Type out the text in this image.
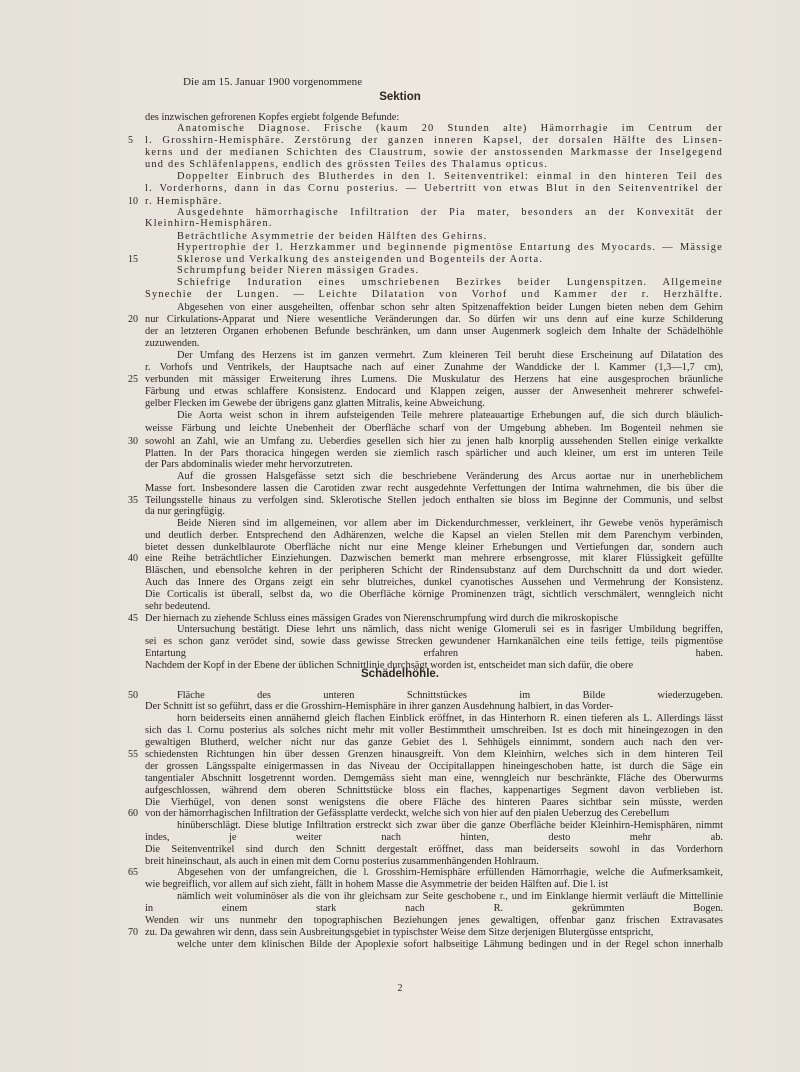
Die am 15. Januar 1900 vorgenommene
Sektion
Schädelhöhle.
des inzwischen gefrorenen Kopfes ergiebt folgende Befunde:
Anatomische Diagnose. Frische (kaum 20 Stunden alte) Hämorrhagie im Centrum der
l. Grosshirn-Hemisphäre. Zerstörung der ganzen inneren Kapsel, der dorsalen Hälfte des Linsen-
kerns und der medianen Schichten des Claustrum, sowie der anstossenden Markmasse der Inselgegend
und des Schläfenlappens, endlich des grössten Teiles des Thalamus opticus.
Doppelter Einbruch des Blutherdes in den l. Seitenventrikel: einmal in den hinteren Teil des
l. Vorderhorns, dann in das Cornu posterius. — Uebertritt von etwas Blut in den Seitenventrikel der
r. Hemisphäre.
Ausgedehnte hämorrhagische Infiltration der Pia mater, besonders an der Konvexität der
Kleinhirn-Hemisphären.
Beträchtliche Asymmetrie der beiden Hälften des Gehirns.
Hypertrophie der l. Herzkammer und beginnende pigmentöse Entartung des Myocards. — Mässige
Sklerose und Verkalkung des ansteigenden und Bogenteils der Aorta.
Schrumpfung beider Nieren mässigen Grades.
Schiefrige Induration eines umschriebenen Bezirkes beider Lungenspitzen. Allgemeine
Synechie der Lungen. — Leichte Dilatation von Vorhof und Kammer der r. Herzhälfte.
Abgesehen von einer ausgeheilten, offenbar schon sehr alten Spitzenaffektion beider Lungen bieten neben dem Gehirn
nur Cirkulations-Apparat und Niere wesentliche Veränderungen dar. So dürfen wir uns denn auf eine kurze Schilderung
der an letzteren Organen erhobenen Befunde beschränken, um dann unser Augenmerk sogleich dem Inhalte der Schädelhöhle
zuzuwenden.
Der Umfang des Herzens ist im ganzen vermehrt. Zum kleineren Teil beruht diese Erscheinung auf Dilatation des
r. Vorhofs und Ventrikels, der Hauptsache nach auf einer Zunahme der Wanddicke der l. Kammer (1,3—1,7 cm),
verbunden mit mässiger Erweiterung ihres Lumens. Die Muskulatur des Herzens hat eine ausgesprochen bräunliche
Färbung und etwas schlaffere Konsistenz. Endocard und Klappen zeigen, ausser der Anwesenheit mehrerer schwefel-
gelber Flecken im Gewebe der übrigens ganz glatten Mitralis, keine Abweichung.
Die Aorta weist schon in ihrem aufsteigenden Teile mehrere plateauartige Erhebungen auf, die sich durch bläulich-
weisse Färbung und leichte Unebenheit der Oberfläche scharf von der Umgebung abheben. Im Bogenteil nehmen sie
sowohl an Zahl, wie an Umfang zu. Ueberdies gesellen sich hier zu jenen halb knorplig aussehenden Stellen einige verkalkte
Platten. In der Pars thoracica hingegen werden sie ziemlich rasch spärlicher und auch kleiner, um erst im unteren Teile
der Pars abdominalis wieder mehr hervorzutreten.
Auf die grossen Halsgefässe setzt sich die beschriebene Veränderung des Arcus aortae nur in unerheblichem
Masse fort. Insbesondere lassen die Carotiden zwar recht ausgedehnte Verfettungen der Intima wahrnehmen, die bis über die
Teilungsstelle hinaus zu verfolgen sind. Sklerotische Stellen jedoch enthalten sie bloss im Beginne der Communis, und selbst
da nur geringfügig.
Beide Nieren sind im allgemeinen, vor allem aber im Dickendurchmesser, verkleinert, ihr Gewebe venös hyperämisch
und deutlich derber. Entsprechend den Adhärenzen, welche die Kapsel an vielen Stellen mit dem Parenchym verbinden,
bietet dessen dunkelblaurote Oberfläche nicht nur eine Menge kleiner Erhebungen und Vertiefungen dar, sondern auch
eine Reihe beträchtlicher Einziehungen. Dazwischen bemerkt man mehrere erbsengrosse, mit klarer Flüssigkeit gefüllte
Bläschen, und ebensolche kehren in der peripheren Schicht der Rindensubstanz auf dem Durchschnitt da und dort wieder.
Auch das Innere des Organs zeigt ein sehr blutreiches, dunkel cyanotisches Aussehen und Vermehrung der Konsistenz.
Die Corticalis ist überall, selbst da, wo die Oberfläche körnige Prominenzen trägt, sichtlich verschmälert, wenngleich nicht
sehr bedeutend.
Der hiernach zu ziehende Schluss eines mässigen Grades von Nierenschrumpfung wird durch die mikroskopische
Untersuchung bestätigt. Diese lehrt uns nämlich, dass nicht wenige Glomeruli sei es in fasriger Umbildung begriffen,
sei es schon ganz verödet sind, sowie dass gewisse Strecken gewundener Harnkanälchen eine teils fettige, teils pigmentöse
Entartung erfahren haben.
Nachdem der Kopf in der Ebene der üblichen Schnittlinie durchsägt worden ist, entscheidet man sich dafür, die obere
Fläche des unteren Schnittstückes im Bilde wiederzugeben.
Der Schnitt ist so geführt, dass er die Grosshirn-Hemisphäre in ihrer ganzen Ausdehnung halbiert, in das Vorder-
horn beiderseits einen annähernd gleich flachen Einblick eröffnet, in das Hinterhorn R. einen tieferen als L. Allerdings lässt
sich das l. Cornu posterius als solches nicht mehr mit voller Bestimmtheit umschreiben. Ist es doch mit hineingezogen in den
gewaltigen Blutherd, welcher nicht nur das ganze Gebiet des l. Sehhügels einnimmt, sondern auch nach den ver-
schiedensten Richtungen hin über dessen Grenzen hinausgreift. Von dem Kleinhirn, welches sich in dem hinteren Teil
der grossen Längsspalte einigermassen in das Niveau der Occipitallappen hineingeschoben hatte, ist durch die Säge ein
tangentialer Abschnitt losgetrennt worden. Demgemäss sieht man eine, wenngleich nur beschränkte, Fläche des Oberwurms
aufgeschlossen, während dem oberen Schnittstücke bloss ein flaches, kappenartiges Segment davon verblieben ist.
Die Vierhügel, von denen sonst wenigstens die obere Fläche des hinteren Paares sichtbar sein müsste, werden
von der hämorrhagischen Infiltration der Gefässplatte verdeckt, welche sich von hier auf den pialen Ueberzug des Cerebellum
hinüberschlägt. Diese blutige Infiltration erstreckt sich zwar über die ganze Oberfläche beider Kleinhirn-Hemisphären, nimmt
indes, je weiter nach hinten, desto mehr ab.
Die Seitenventrikel sind durch den Schnitt dergestalt eröffnet, dass man beiderseits sowohl in das Vorderhorn
breit hineinschaut, als auch in einen mit dem Cornu posterius zusammenhängenden Hohlraum.
Abgesehen von der umfangreichen, die l. Grosshirn-Hemisphäre erfüllenden Hämorrhagie, welche die Aufmerksamkeit,
wie begreiflich, vor allem auf sich zieht, fällt in hohem Masse die Asymmetrie der beiden Hälften auf. Die l. ist
nämlich weit voluminöser als die von ihr gleichsam zur Seite geschobene r., und im Einklange hiermit verläuft die Mittellinie
in einem stark nach R. gekrümmten Bogen.
Wenden wir uns nunmehr den topographischen Beziehungen jenes gewaltigen, offenbar ganz frischen Extravasates
zu. Da gewahren wir denn, dass sein Ausbreitungsgebiet in typischster Weise dem Sitze derjenigen Blutergüsse entspricht,
welche unter dem klinischen Bilde der Apoplexie sofort halbseitige Lähmung bedingen und in der Regel schon innerhalb
5
10
15
20
25
30
35
40
45
50
55
60
65
70
2
